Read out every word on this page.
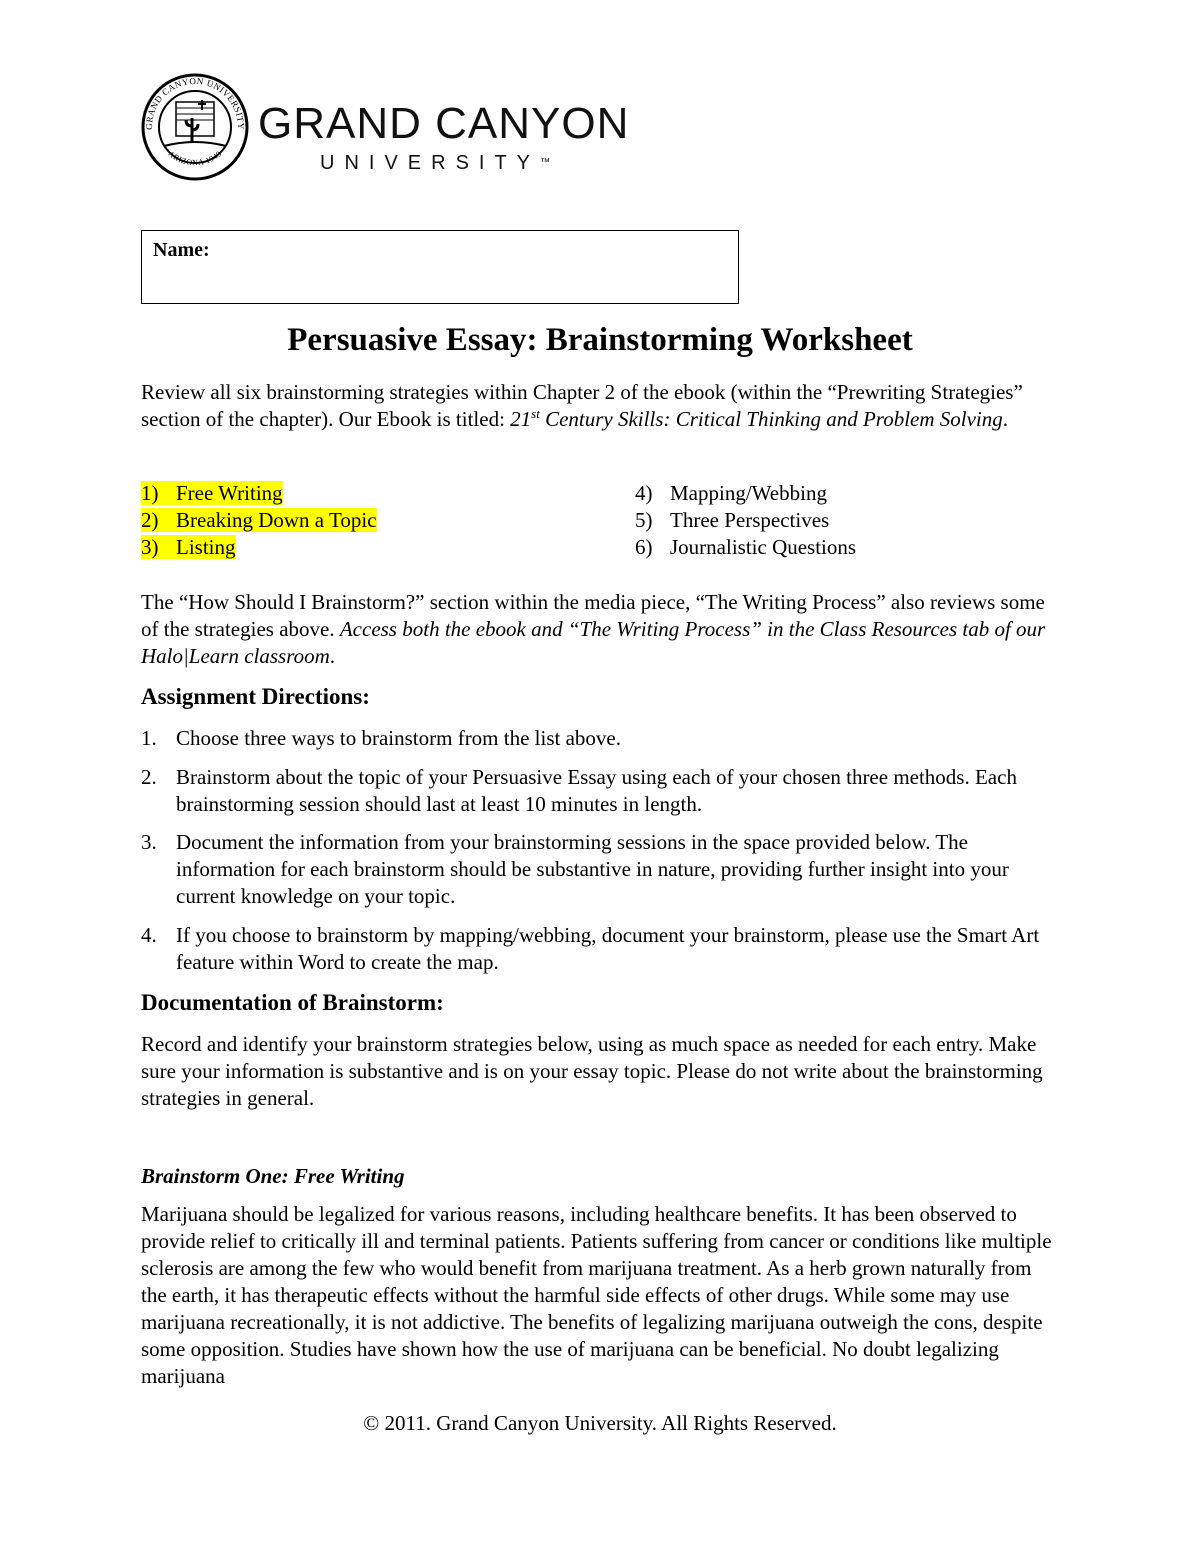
GRAND CANYON UNIVERSITY
ARIZONA 1949
GRAND CANYON
UNIVERSITY™
Name:
Persuasive Essay: Brainstorming Worksheet
Review all six brainstorming strategies within Chapter 2 of the ebook (within the “Prewriting Strategies” section of the chapter). Our Ebook is titled: 21st Century Skills: Critical Thinking and Problem Solving.
1) Free Writing
2) Breaking Down a Topic
3) Listing
4) Mapping/Webbing
5) Three Perspectives
6) Journalistic Questions
The “How Should I Brainstorm?” section within the media piece, “The Writing Process” also reviews some of the strategies above. Access both the ebook and “The Writing Process” in the Class Resources tab of our Halo|Learn classroom.
Assignment Directions:
1. Choose three ways to brainstorm from the list above.
2. Brainstorm about the topic of your Persuasive Essay using each of your chosen three methods. Each brainstorming session should last at least 10 minutes in length.
3. Document the information from your brainstorming sessions in the space provided below. The information for each brainstorm should be substantive in nature, providing further insight into your current knowledge on your topic.
4. If you choose to brainstorm by mapping/webbing, document your brainstorm, please use the Smart Art feature within Word to create the map.
Documentation of Brainstorm:
Record and identify your brainstorm strategies below, using as much space as needed for each entry. Make sure your information is substantive and is on your essay topic. Please do not write about the brainstorming strategies in general.
Brainstorm One: Free Writing
Marijuana should be legalized for various reasons, including healthcare benefits. It has been observed to provide relief to critically ill and terminal patients. Patients suffering from cancer or conditions like multiple sclerosis are among the few who would benefit from marijuana treatment. As a herb grown naturally from the earth, it has therapeutic effects without the harmful side effects of other drugs. While some may use marijuana recreationally, it is not addictive. The benefits of legalizing marijuana outweigh the cons, despite some opposition. Studies have shown how the use of marijuana can be beneficial. No doubt legalizing marijuana
© 2011. Grand Canyon University. All Rights Reserved.
